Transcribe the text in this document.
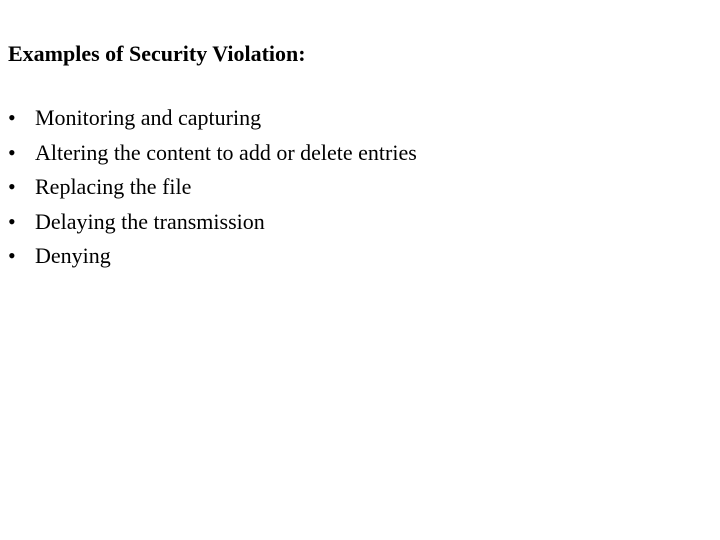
Examples of Security Violation:
• Monitoring and capturing
• Altering the content to add or delete entries
• Replacing the file
• Delaying the transmission
• Denying
